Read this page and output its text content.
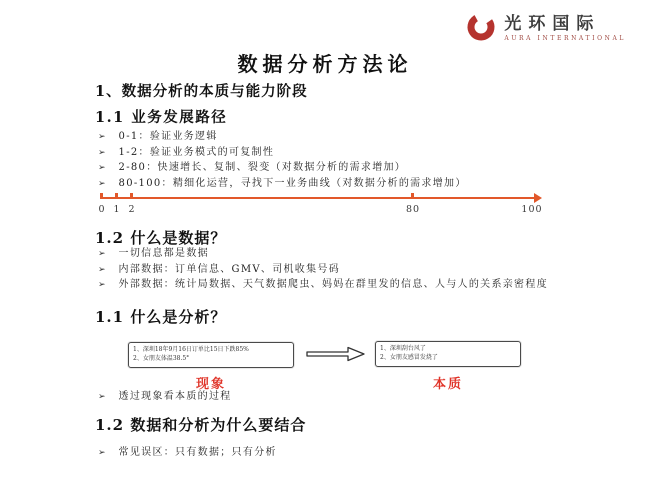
光环国际
AURA INTERNATIONAL
数据分析方法论
1、数据分析的本质与能力阶段
1.1 业务发展路径
➢ 0-1：验证业务逻辑
➢ 1-2：验证业务模式的可复制性
➢ 2-80：快速增长、复制、裂变（对数据分析的需求增加）
➢ 80-100：精细化运营，寻找下一业务曲线（对数据分析的需求增加）
0 1 2	80	100
1.2 什么是数据？
➢ 一切信息都是数据
➢ 内部数据：订单信息、GMV、司机收集号码
➢ 外部数据：统计局数据、天气数据爬虫、妈妈在群里发的信息、人与人的关系亲密程度
1.1 什么是分析？
1、深圳18年9月16日订单比15日下跌85%
2、女朋友体温38.5°
1、深圳刮台风了
2、女朋友感冒发烧了
现象	本质
➢ 透过现象看本质的过程
1.2 数据和分析为什么要结合
➢ 常见误区：只有数据；只有分析
